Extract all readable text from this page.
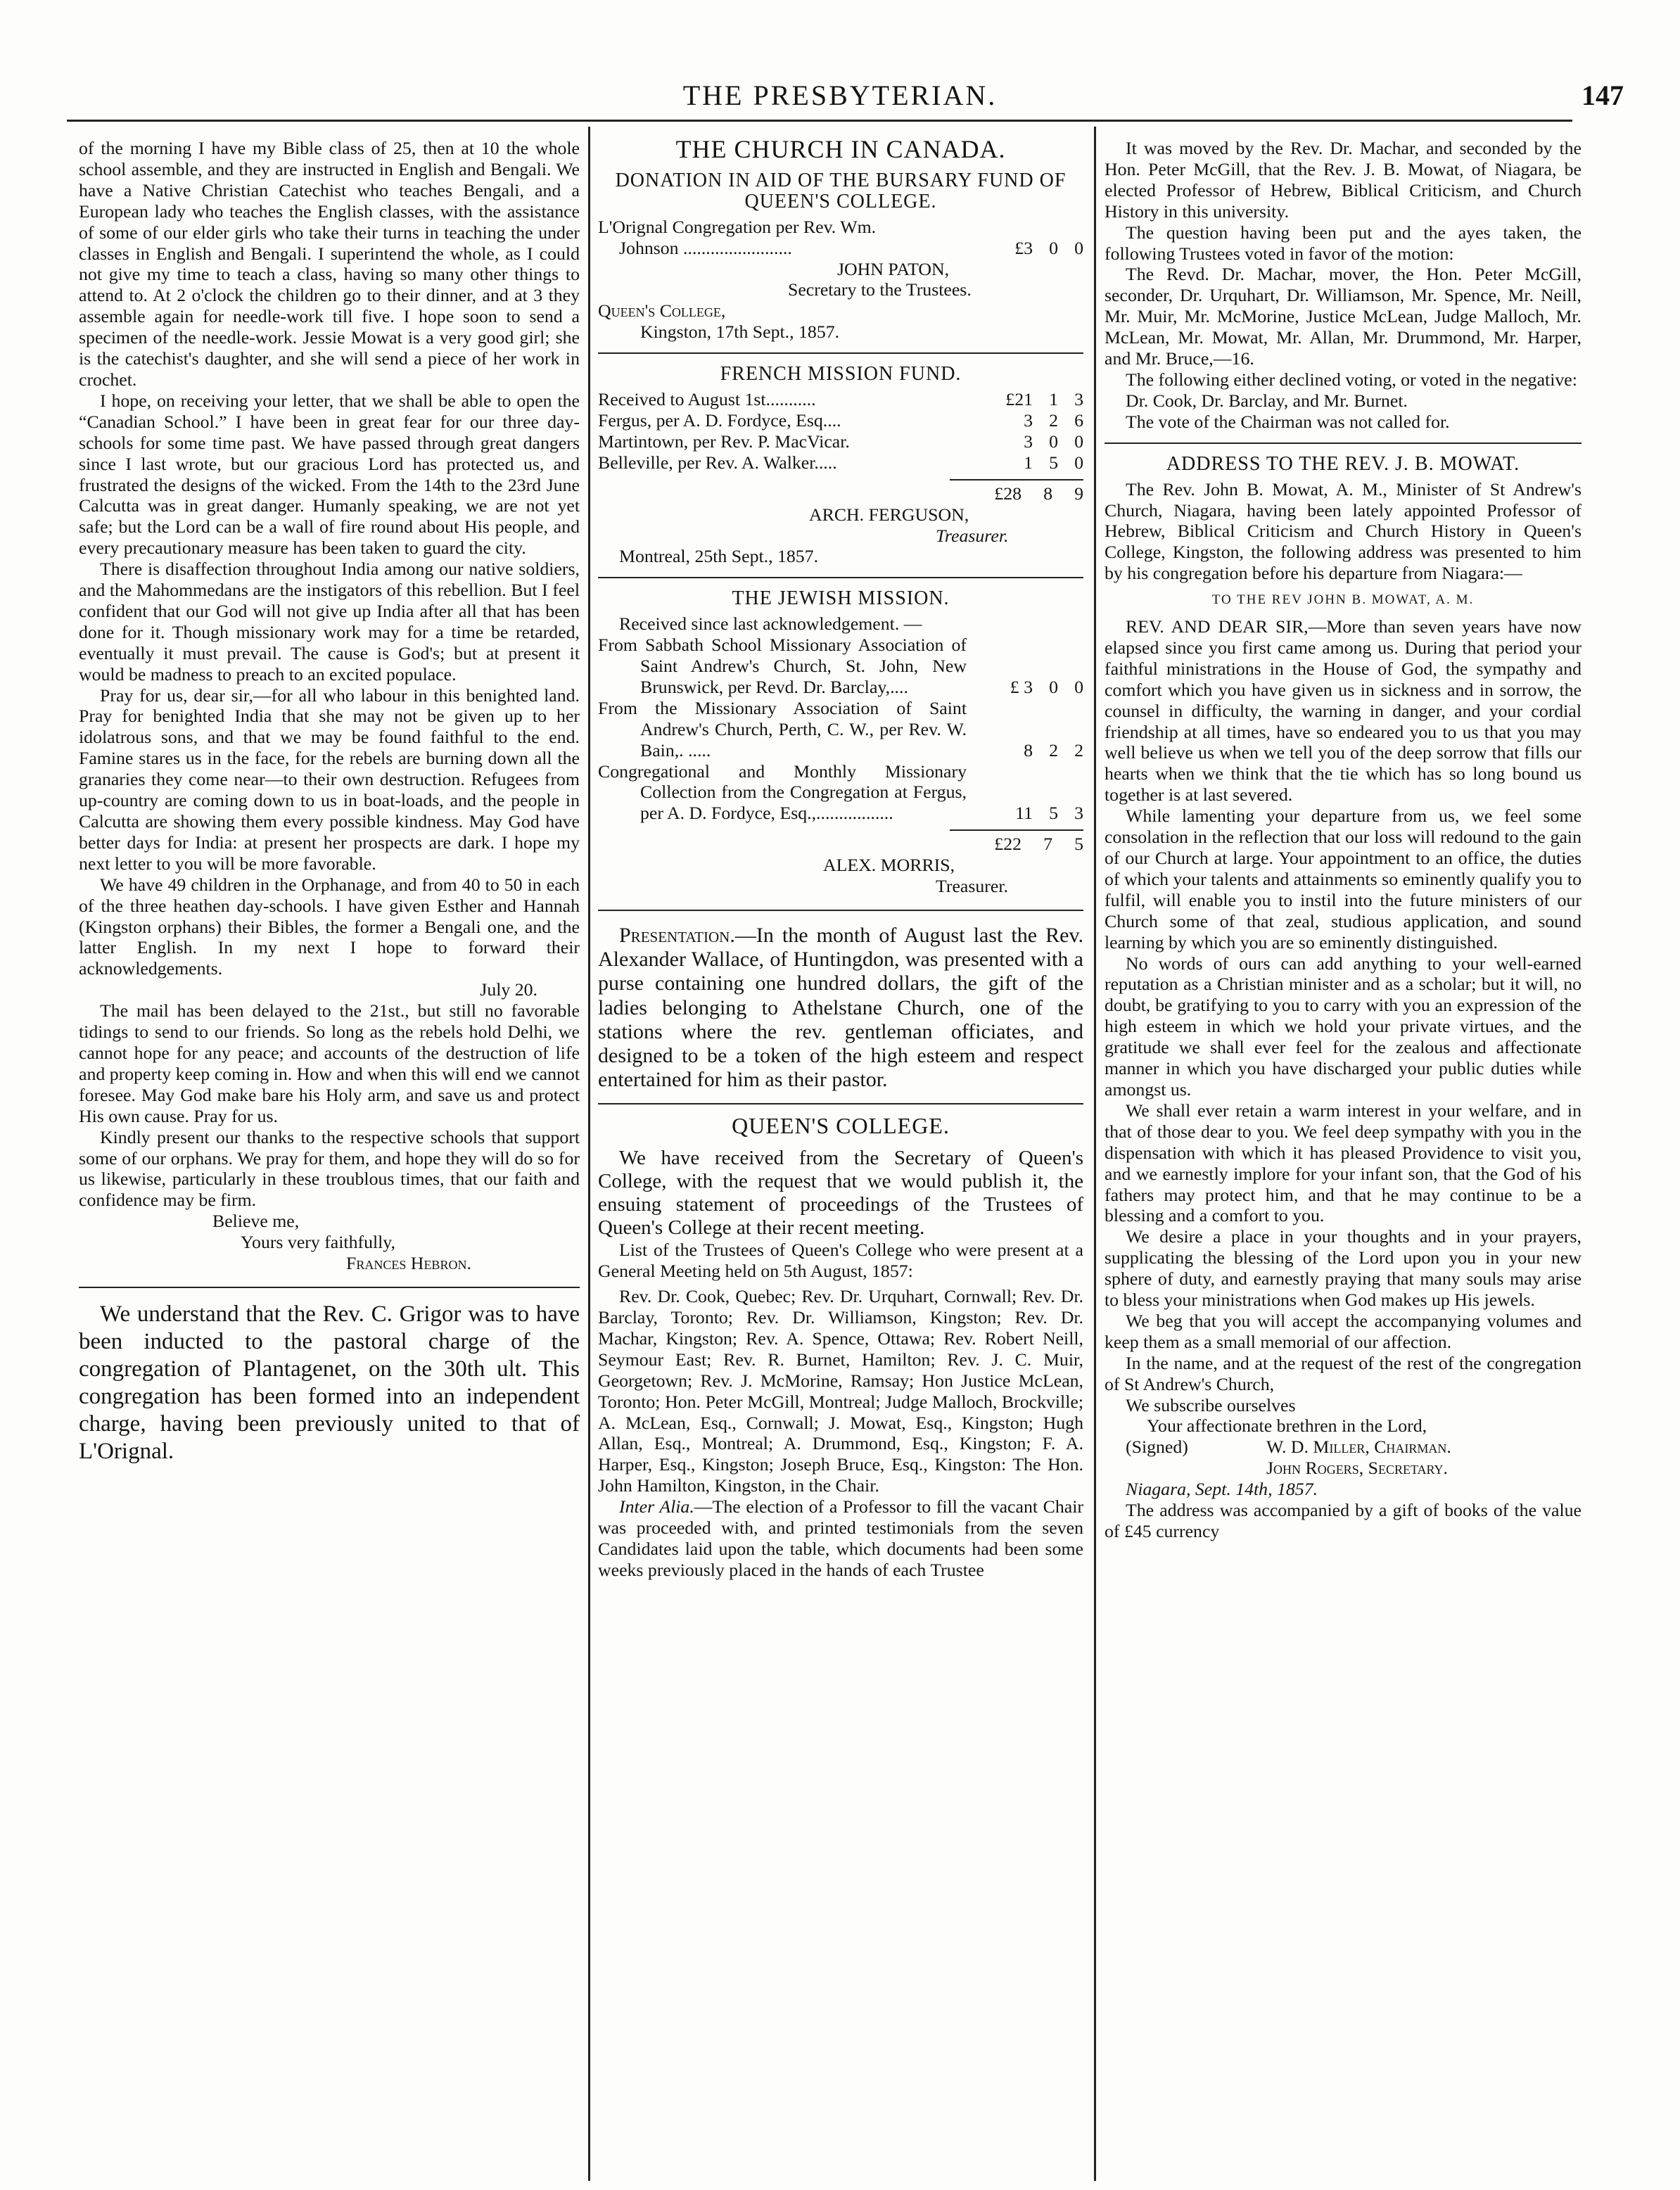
THE PRESBYTERIAN.	147

of the morning I have my Bible class of 25, then at 10 the whole school assemble, and they are instructed in English and Bengali. We have a Native Christian Catechist who teaches Bengali, and a European lady who teaches the English classes, with the assistance of some of our elder girls who take their turns in teaching the under classes in English and Bengali. I superintend the whole, as I could not give my time to teach a class, having so many other things to attend to. At 2 o'clock the children go to their dinner, and at 3 they assemble again for needle-work till five. I hope soon to send a specimen of the needle-work. Jessie Mowat is a very good girl; she is the catechist's daughter, and she will send a piece of her work in crochet.

I hope, on receiving your letter, that we shall be able to open the “Canadian School.” I have been in great fear for our three day-schools for some time past. We have passed through great dangers since I last wrote, but our gracious Lord has protected us, and frustrated the designs of the wicked. From the 14th to the 23rd June Calcutta was in great danger. Humanly speaking, we are not yet safe; but the Lord can be a wall of fire round about His people, and every precautionary measure has been taken to guard the city.

There is disaffection throughout India among our native soldiers, and the Mahommedans are the instigators of this rebellion. But I feel confident that our God will not give up India after all that has been done for it. Though missionary work may for a time be retarded, eventually it must prevail. The cause is God's; but at present it would be madness to preach to an excited populace.

Pray for us, dear sir,—for all who labour in this benighted land. Pray for benighted India that she may not be given up to her idolatrous sons, and that we may be found faithful to the end. Famine stares us in the face, for the rebels are burning down all the granaries they come near—to their own destruction. Refugees from up-country are coming down to us in boat-loads, and the people in Calcutta are showing them every possible kindness. May God have better days for India: at present her prospects are dark. I hope my next letter to you will be more favorable.

We have 49 children in the Orphanage, and from 40 to 50 in each of the three heathen day-schools. I have given Esther and Hannah (Kingston orphans) their Bibles, the former a Bengali one, and the latter English. In my next I hope to forward their acknowledgements.

July 20.

The mail has been delayed to the 21st., but still no favorable tidings to send to our friends. So long as the rebels hold Delhi, we cannot hope for any peace; and accounts of the destruction of life and property keep coming in. How and when this will end we cannot foresee. May God make bare his Holy arm, and save us and protect His own cause. Pray for us.

Kindly present our thanks to the respective schools that support some of our orphans. We pray for them, and hope they will do so for us likewise, particularly in these troublous times, that our faith and confidence may be firm.

Believe me,

Yours very faithfully,

Frances Hebron.

We understand that the Rev. C. Grigor was to have been inducted to the pastoral charge of the congregation of Plantagenet, on the 30th ult. This congregation has been formed into an independent charge, having been previously united to that of L'Orignal.

THE CHURCH IN CANADA.
DONATION IN AID OF THE BURSARY FUND OF QUEEN'S COLLEGE.

L'Orignal Congregation per Rev. Wm.

Johnson ........................	£3 0 0

JOHN PATON,

Secretary to the Trustees.

Queen's College,

Kingston, 17th Sept., 1857.

FRENCH MISSION FUND.
Received to August 1st...........	£21 1 3
Fergus, per A. D. Fordyce, Esq....	3 2 6
Martintown, per Rev. P. MacVicar.	3 0 0
Belleville, per Rev. A. Walker.....	1 5 0
£28	8	9

ARCH. FERGUSON,

Treasurer.

Montreal, 25th Sept., 1857.

THE JEWISH MISSION.

Received since last acknowledgement. —

From Sabbath School Missionary Association of Saint Andrew's Church, St. John, New Brunswick, per Revd. Dr. Barclay,....	£ 3 0 0
From the Missionary Association of Saint Andrew's Church, Perth, C. W., per Rev. W. Bain,. .....	8 2 2
Congregational and Monthly Missionary Collection from the Congregation at Fergus, per A. D. Fordyce, Esq.,.................	11 5 3
£22	7	5

ALEX. MORRIS,

Treasurer.

Presentation.—In the month of August last the Rev. Alexander Wallace, of Huntingdon, was presented with a purse containing one hundred dollars, the gift of the ladies belonging to Athelstane Church, one of the stations where the rev. gentleman officiates, and designed to be a token of the high esteem and respect entertained for him as their pastor.

QUEEN'S COLLEGE.

We have received from the Secretary of Queen's College, with the request that we would publish it, the ensuing statement of proceedings of the Trustees of Queen's College at their recent meeting.

List of the Trustees of Queen's College who were present at a General Meeting held on 5th August, 1857:

Rev. Dr. Cook, Quebec; Rev. Dr. Urquhart, Cornwall; Rev. Dr. Barclay, Toronto; Rev. Dr. Williamson, Kingston; Rev. Dr. Machar, Kingston; Rev. A. Spence, Ottawa; Rev. Robert Neill, Seymour East; Rev. R. Burnet, Hamilton; Rev. J. C. Muir, Georgetown; Rev. J. McMorine, Ramsay; Hon Justice McLean, Toronto; Hon. Peter McGill, Montreal; Judge Malloch, Brockville; A. McLean, Esq., Cornwall; J. Mowat, Esq., Kingston; Hugh Allan, Esq., Montreal; A. Drummond, Esq., Kingston; F. A. Harper, Esq., Kingston; Joseph Bruce, Esq., Kingston: The Hon. John Hamilton, Kingston, in the Chair.

Inter Alia.—The election of a Professor to fill the vacant Chair was proceeded with, and printed testimonials from the seven Candidates laid upon the table, which documents had been some weeks previously placed in the hands of each Trustee

It was moved by the Rev. Dr. Machar, and seconded by the Hon. Peter McGill, that the Rev. J. B. Mowat, of Niagara, be elected Professor of Hebrew, Biblical Criticism, and Church History in this university.

The question having been put and the ayes taken, the following Trustees voted in favor of the motion:

The Revd. Dr. Machar, mover, the Hon. Peter McGill, seconder, Dr. Urquhart, Dr. Williamson, Mr. Spence, Mr. Neill, Mr. Muir, Mr. McMorine, Justice McLean, Judge Malloch, Mr. McLean, Mr. Mowat, Mr. Allan, Mr. Drummond, Mr. Harper, and Mr. Bruce,—16.

The following either declined voting, or voted in the negative:

Dr. Cook, Dr. Barclay, and Mr. Burnet.

The vote of the Chairman was not called for.

ADDRESS TO THE REV. J. B. MOWAT.

The Rev. John B. Mowat, A. M., Minister of St Andrew's Church, Niagara, having been lately appointed Professor of Hebrew, Biblical Criticism and Church History in Queen's College, Kingston, the following address was presented to him by his congregation before his departure from Niagara:—

TO THE REV JOHN B. MOWAT, A. M.

REV. AND DEAR SIR,—More than seven years have now elapsed since you first came among us. During that period your faithful ministrations in the House of God, the sympathy and comfort which you have given us in sickness and in sorrow, the counsel in difficulty, the warning in danger, and your cordial friendship at all times, have so endeared you to us that you may well believe us when we tell you of the deep sorrow that fills our hearts when we think that the tie which has so long bound us together is at last severed.

While lamenting your departure from us, we feel some consolation in the reflection that our loss will redound to the gain of our Church at large. Your appointment to an office, the duties of which your talents and attainments so eminently qualify you to fulfil, will enable you to instil into the future ministers of our Church some of that zeal, studious application, and sound learning by which you are so eminently distinguished.

No words of ours can add anything to your well-earned reputation as a Christian minister and as a scholar; but it will, no doubt, be gratifying to you to carry with you an expression of the high esteem in which we hold your private virtues, and the gratitude we shall ever feel for the zealous and affectionate manner in which you have discharged your public duties while amongst us.

We shall ever retain a warm interest in your welfare, and in that of those dear to you. We feel deep sympathy with you in the dispensation with which it has pleased Providence to visit you, and we earnestly implore for your infant son, that the God of his fathers may protect him, and that he may continue to be a blessing and a comfort to you.

We desire a place in your thoughts and in your prayers, supplicating the blessing of the Lord upon you in your new sphere of duty, and earnestly praying that many souls may arise to bless your ministrations when God makes up His jewels.

We beg that you will accept the accompanying volumes and keep them as a small memorial of our affection.

In the name, and at the request of the rest of the congregation of St Andrew's Church,

We subscribe ourselves

Your affectionate brethren in the Lord,

(Signed)	W. D. Miller, Chairman.

John Rogers, Secretary.

Niagara, Sept. 14th, 1857.

The address was accompanied by a gift of books of the value of £45 currency
